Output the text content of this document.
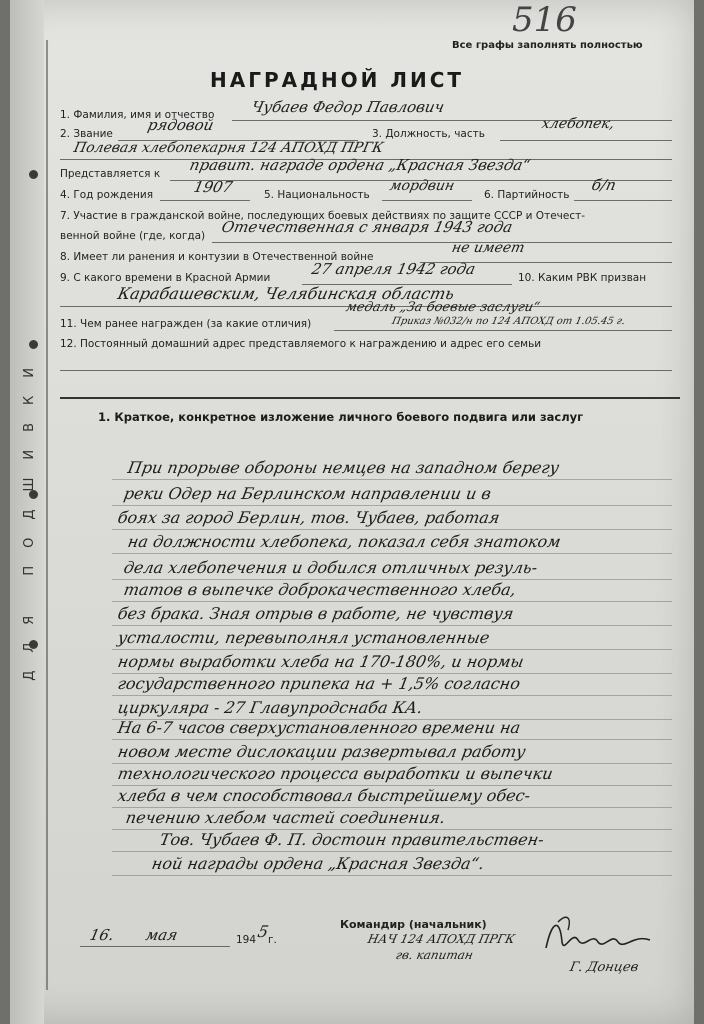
ДЛЯ ПОДШИВКИ
516
Все графы заполнять полностью
НАГРАДНОЙ ЛИСТ
1. Фамилия, имя и отчество Чубаев Федор Павлович
2. Звание рядовой	3. Должность, часть
хлебопек,
Полевая хлебопекарня 124 АПОХД ПРГК
Представляется к правит. награде ордена „Красная Звезда“
4. Год рождения	1907	5. Национальность
мордвин
6. Партийность
б/п
7. Участие в гражданской войне, последующих боевых действиях по защите СССР и Отечест-
венной войне (где, когда) Отечественная с января 1943 года
8. Имеет ли ранения и контузии в Отечественной войне
не имеет
9. С какого времени в Красной Армии	27 апреля 1942 года	10. Каким РВК призван
Карабашевским, Челябинская область
11. Чем ранее награжден (за какие отличия)
медаль „За боевые заслуги“
Приказ №032/н по 124 АПОХД от 1.05.45 г.
12. Постоянный домашний адрес представляемого к награждению и адрес его семьи
1. Краткое, конкретное изложение личного боевого подвига или заслуг
При прорыве обороны немцев на западном берегу
реки Одер на Берлинском направлении и в
боях за город Берлин, тов. Чубаев, работая
на должности хлебопека, показал себя знатоком
дела хлебопечения и добился отличных резуль-
татов в выпечке доброкачественного хлеба,
без брака. Зная отрыв в работе, не чувствуя
усталости, перевыполнял установленные
нормы выработки хлеба на 170-180%, и нормы
государственного припека на + 1,5% согласно
циркуляра - 27 Главупродснаба КА.
На 6-7 часов сверхустановленного времени на
новом месте дислокации развертывал работу
технологического процесса выработки и выпечки
хлеба в чем способствовал быстрейшему обес-
печению хлебом частей соединения.
Тов. Чубаев Ф. П. достоин правительствен-
ной награды ордена „Красная Звезда“.
16. мая	194 5
г.
Командир (начальник)
НАЧ 124 АПОХД ПРГК
гв. капитан
Г. Донцев
